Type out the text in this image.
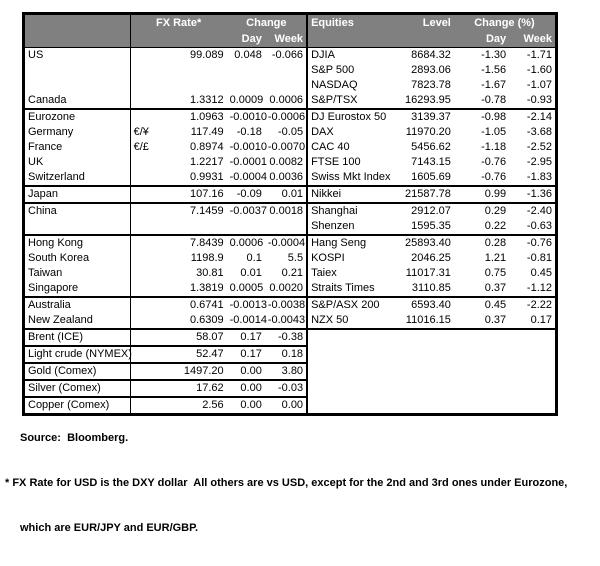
	FX Rate*		Change		Equities	Level	Change (%)	
			Day	Week			Day	Week
US		99.089	0.048	-0.066	DJIA	8684.32	-1.30	-1.71
					S&P 500	2893.06	-1.56	-1.60
					NASDAQ	7823.78	-1.67	-1.07
Canada		1.3312	0.0009	0.0006	S&P/TSX	16293.95	-0.78	-0.93
Eurozone		1.0963	-0.0010	-0.0006	DJ Eurostox 50	3139.37	-0.98	-2.14
Germany	€/¥	117.49	-0.18	-0.05	DAX	11970.20	-1.05	-3.68
France	€/£	0.8974	-0.0010	-0.0070	CAC 40	5456.62	-1.18	-2.52
UK		1.2217	-0.0001	0.0082	FTSE 100	7143.15	-0.76	-2.95
Switzerland		0.9931	-0.0004	0.0036	Swiss Mkt Index	1605.69	-0.76	-1.83
Japan		107.16	-0.09	0.01	Nikkei	21587.78	0.99	-1.36
China		7.1459	-0.0037	0.0018	Shanghai	2912.07	0.29	-2.40
					Shenzen	1595.35	0.22	-0.63
Hong Kong		7.8439	0.0006	-0.0004	Hang Seng	25893.40	0.28	-0.76
South Korea		1198.9	0.1	5.5	KOSPI	2046.25	1.21	-0.81
Taiwan		30.81	0.01	0.21	Taiex	11017.31	0.75	0.45
Singapore		1.3819	0.0005	0.0020	Straits Times	3110.85	0.37	-1.12
Australia		0.6741	-0.0013	-0.0038	S&P/ASX 200	6593.40	0.45	-2.22
New Zealand		0.6309	-0.0014	-0.0043	NZX 50	11016.15	0.37	0.17
Brent (ICE)		58.07	0.17	-0.38				
Light crude (NYMEX)		52.47	0.17	0.18				
Gold (Comex)		1497.20	0.00	3.80				
Silver (Comex)		17.62	0.00	-0.03				
Copper (Comex)		2.56	0.00	0.00				

Source:  Bloomberg.

* FX Rate for USD is the DXY dollar  All others are vs USD, except for the 2nd and 3rd ones under Eurozone,

which are EUR/JPY and EUR/GBP.
